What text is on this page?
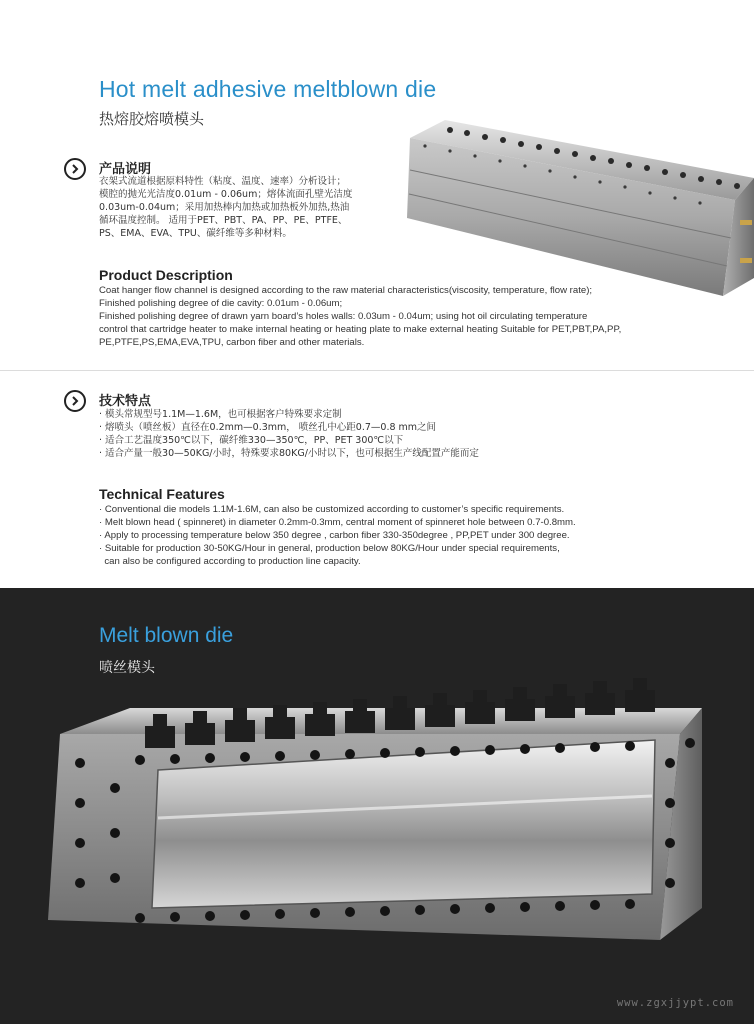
Hot melt adhesive meltblown die
热熔胶熔喷模头
产品说明
衣架式流道根据原料特性（粘度、温度、速率）分析设计；
模腔的抛光光洁度0.01um - 0.06um；熔体流面孔壁光洁度
0.03um-0.04um；采用加热棒内加热或加热板外加热,热油
循环温度控制。 适用于PET、PBT、PA、PP、PE、PTFE、
PS、EMA、EVA、TPU、碳纤维等多种材料。
Product Description
Coat hanger flow channel is designed according to the raw material characteristics(viscosity, temperature, flow rate);
Finished polishing degree of die cavity: 0.01um - 0.06um;
Finished polishing degree of drawn yarn board’s holes walls: 0.03um - 0.04um; using hot oil circulating temperature
control that cartridge heater to make internal heating or heating plate to make external heating Suitable for PET,PBT,PA,PP,
PE,PTFE,PS,EMA,EVA,TPU, carbon fiber and other materials.
技术特点
· 模头常规型号1.1M—1.6M，也可根据客户特殊要求定制
· 熔喷头（喷丝板）直径在0.2mm—0.3mm， 喷丝孔中心距0.7—0.8 mm之间
· 适合工艺温度350℃以下，碳纤维330—350℃，PP、PET 300℃以下
· 适合产量一般30—50KG/小时，特殊要求80KG/小时以下，也可根据生产线配置产能而定
Technical Features
· Conventional die models 1.1M-1.6M, can also be customized according to customer’s specific requirements.
· Melt blown head ( spinneret) in diameter 0.2mm-0.3mm, central moment of spinneret hole between 0.7-0.8mm.
· Apply to processing temperature below 350 degree , carbon fiber 330-350degree , PP,PET under 300 degree.
· Suitable for production 30-50KG/Hour in general, production below 80KG/Hour under special requirements,
can also be configured according to production line capacity.
Melt blown die
喷丝模头
www.zgxjjypt.com
